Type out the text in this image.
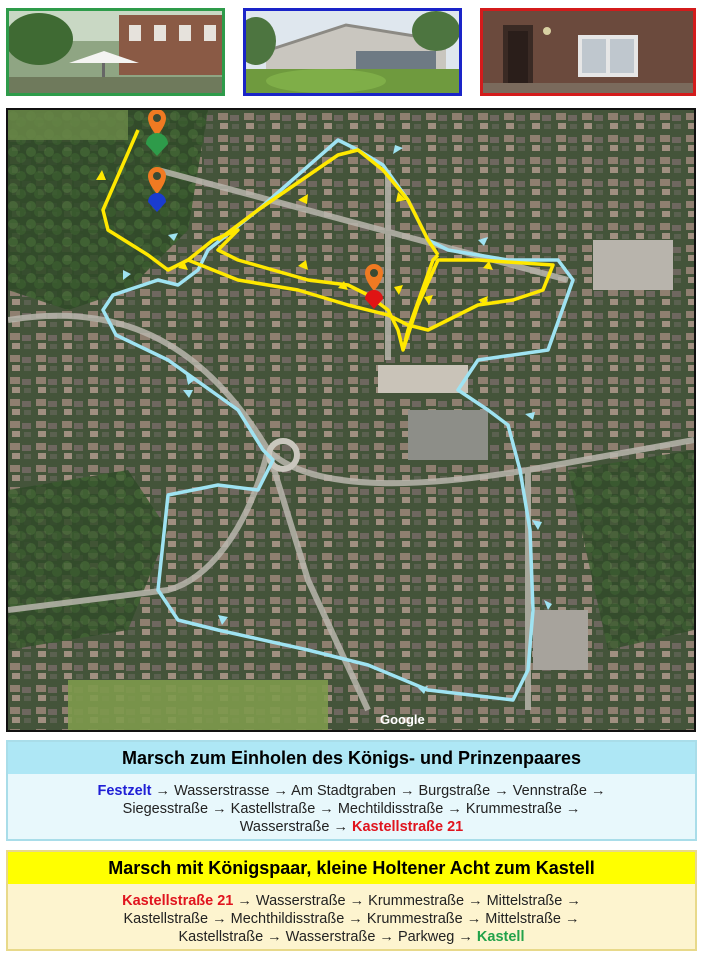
Google
Marsch zum Einholen des Königs- und Prinzenpaares
Festzelt → Wasserstrasse → Am Stadtgraben → Burgstraße → Vennstraße →
Siegesstraße → Kastellstraße → Mechtildisstraße → Krummestraße →
Wasserstraße → Kastellstraße 21
Marsch mit Königspaar, kleine Holtener Acht zum Kastell
Kastellstraße 21 → Wasserstraße → Krummestraße → Mittelstraße →
Kastellstraße → Mechthildisstraße → Krummestraße → Mittelstraße →
Kastellstraße → Wasserstraße → Parkweg → Kastell
